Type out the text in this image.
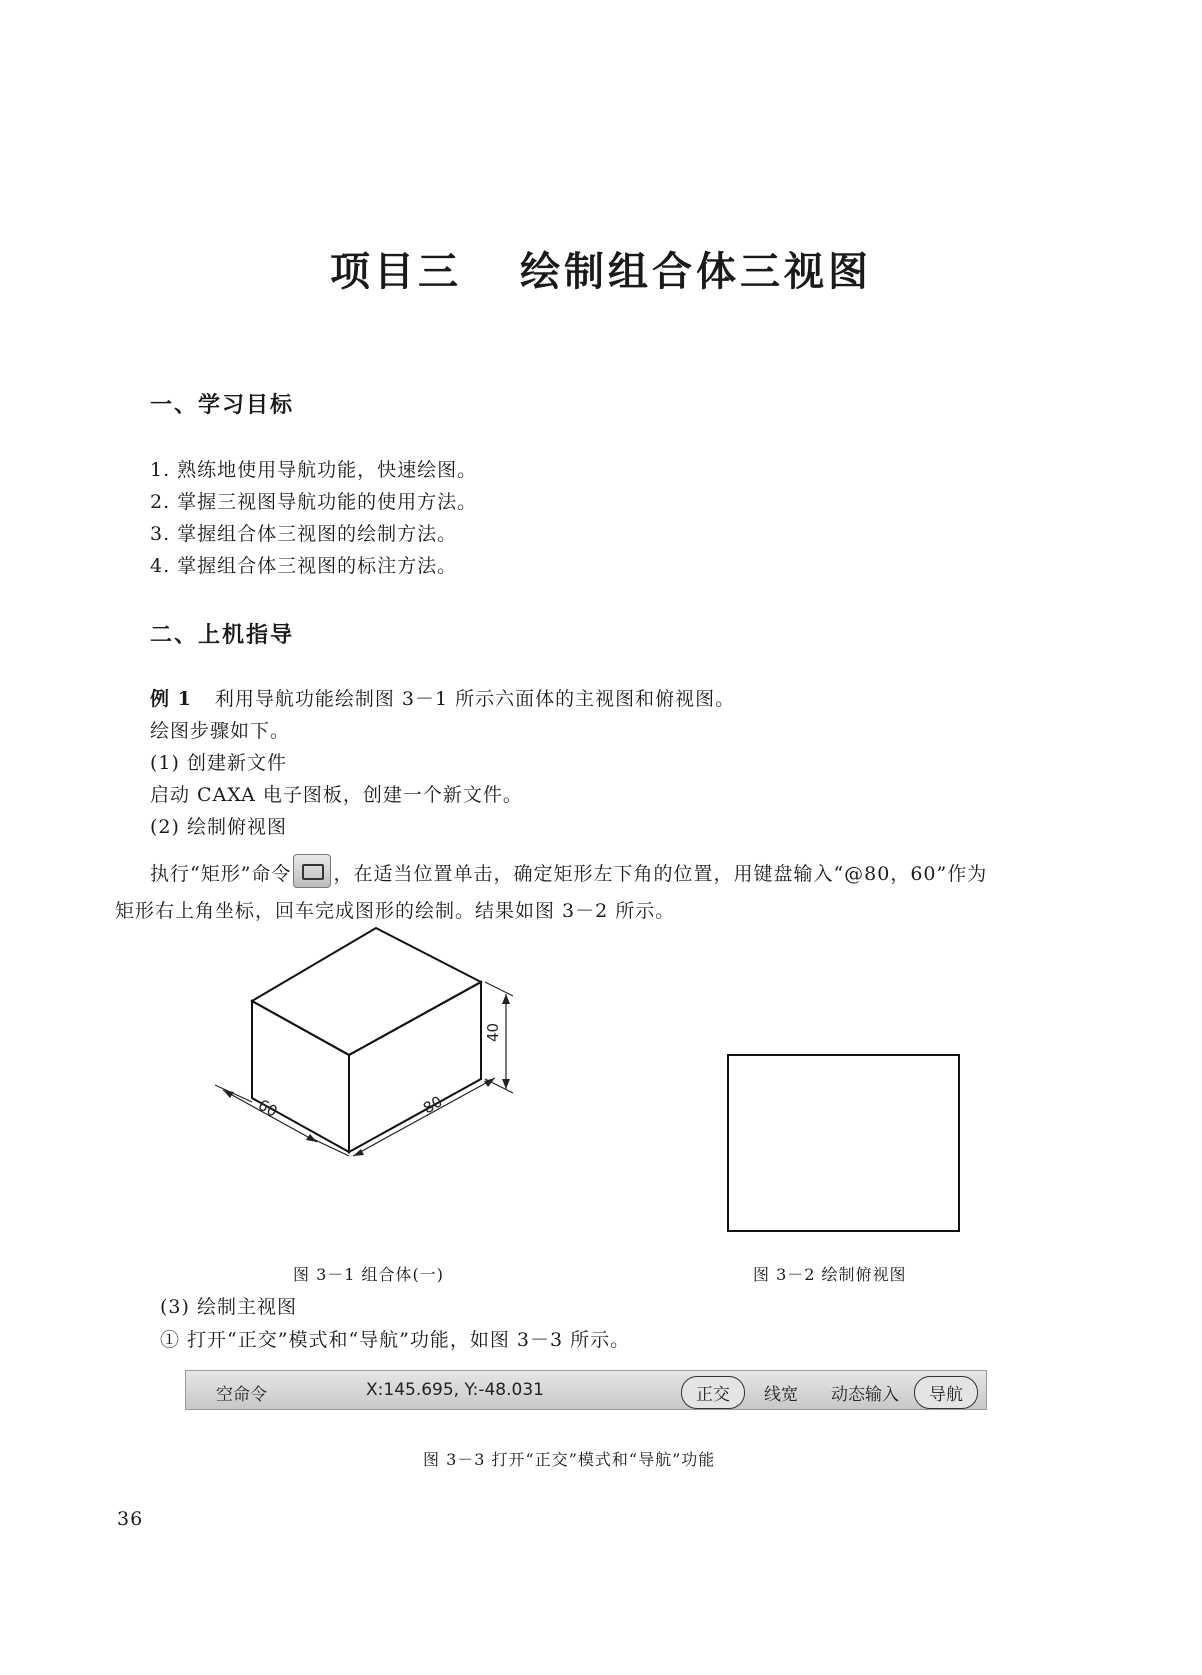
项目三 绘制组合体三视图
一、学习目标
1. 熟练地使用导航功能，快速绘图。
2. 掌握三视图导航功能的使用方法。
3. 掌握组合体三视图的绘制方法。
4. 掌握组合体三视图的标注方法。
二、上机指导
例 1 利用导航功能绘制图 3－1 所示六面体的主视图和俯视图。
绘图步骤如下。
(1) 创建新文件
启动 CAXA 电子图板，创建一个新文件。
(2) 绘制俯视图
执行“矩形”命令 ，在适当位置单击，确定矩形左下角的位置，用键盘输入“@80，60”作为
矩形右上角坐标，回车完成图形的绘制。结果如图 3－2 所示。
40
80
60
图 3－1 组合体(一)	图 3－2 绘制俯视图
(3) 绘制主视图
① 打开“正交”模式和“导航”功能，如图 3－3 所示。
空命令	X:145.695, Y:-48.031	正交	线宽 动态输入	导航
图 3－3 打开“正交”模式和“导航”功能
36
